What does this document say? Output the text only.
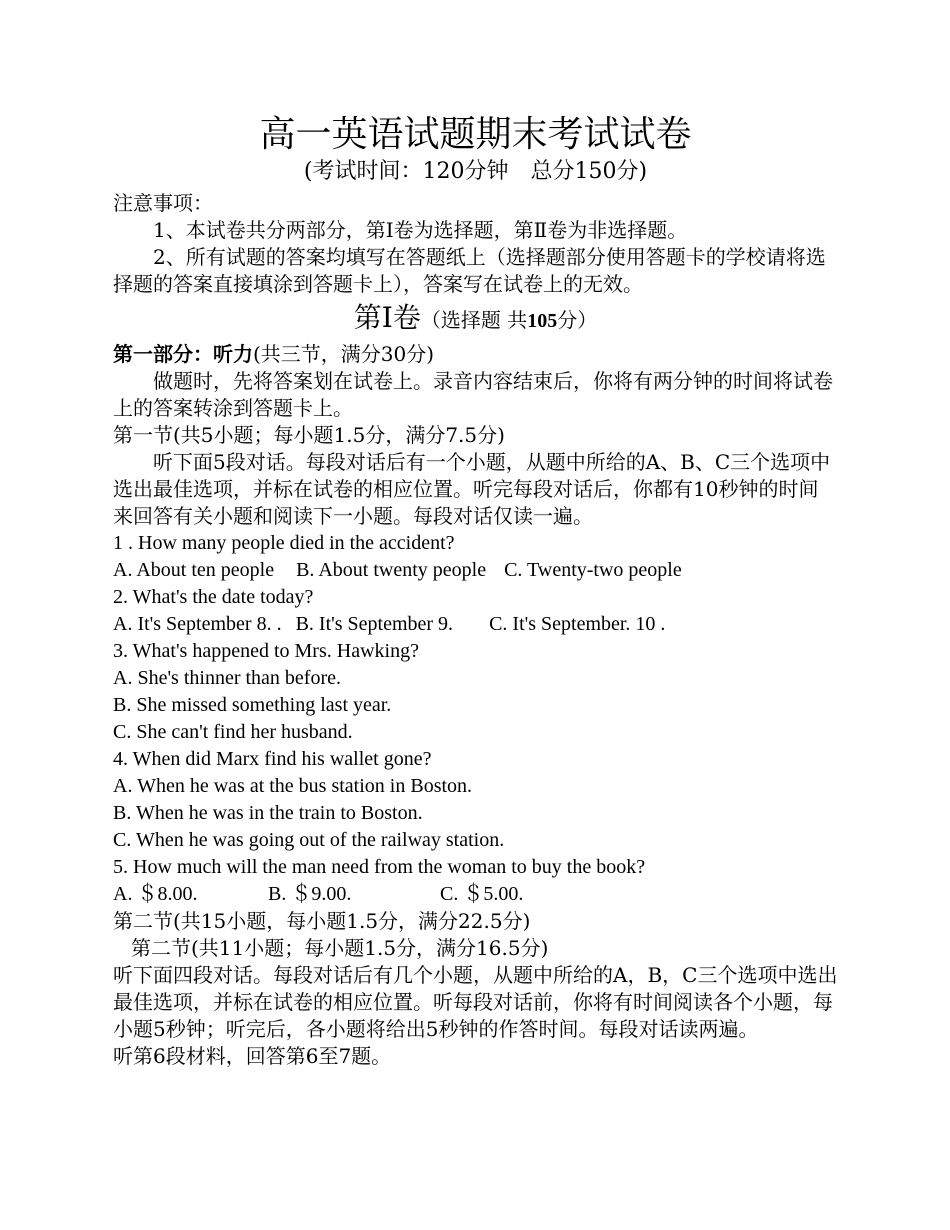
高一英语试题期末考试试卷

(考试时间：120分钟　总分150分)

注意事项：

1、本试卷共分两部分，第Ⅰ卷为选择题，第Ⅱ卷为非选择题。

2、所有试题的答案均填写在答题纸上（选择题部分使用答题卡的学校请将选择题的答案直接填涂到答题卡上），答案写在试卷上的无效。

第I卷（选择题 共105分）

第一部分：听力(共三节，满分30分)

做题时，先将答案划在试卷上。录音内容结束后，你将有两分钟的时间将试卷上的答案转涂到答题卡上。

第一节(共5小题；每小题1.5分，满分7.5分)

听下面5段对话。每段对话后有一个小题，从题中所给的A、B、C三个选项中选出最佳选项，并标在试卷的相应位置。听完每段对话后，你都有10秒钟的时间来回答有关小题和阅读下一小题。每段对话仅读一遍。

1 . How many people died in the accident?

A. About ten people B. About twenty people C. Twenty-two people

2. What's the date today?

A. It's September 8. . B. It's September 9. C. It's September. 10 .

3. What's happened to Mrs. Hawking?

A. She's thinner than before.

B. She missed something last year.

C. She can't find her husband.

4. When did Marx find his wallet gone?

A. When he was at the bus station in Boston.

B. When he was in the train to Boston.

C. When he was going out of the railway station.

5. How much will the man need from the woman to buy the book?

A. ＄8.00.	B. ＄9.00.	C. ＄5.00.

第二节(共15小题，每小题1.5分，满分22.5分)

第二节(共11小题；每小题1.5分，满分16.5分)

听下面四段对话。每段对话后有几个小题，从题中所给的A，B，C三个选项中选出最佳选项，并标在试卷的相应位置。听每段对话前，你将有时间阅读各个小题，每小题5秒钟；听完后，各小题将给出5秒钟的作答时间。每段对话读两遍。

听第6段材料，回答第6至7题。
